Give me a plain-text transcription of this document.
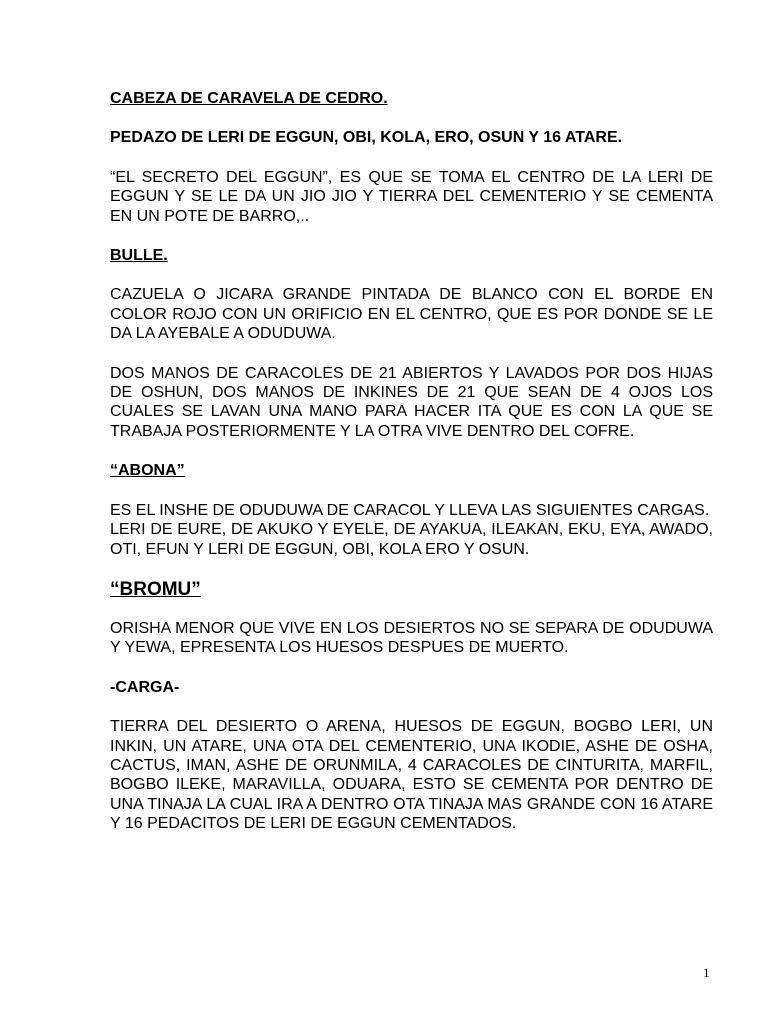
CABEZA DE CARAVELA DE CEDRO.
PEDAZO DE LERI DE EGGUN, OBI, KOLA, ERO, OSUN Y 16 ATARE.
“EL SECRETO DEL EGGUN”, ES QUE SE TOMA EL CENTRO DE LA LERI DE EGGUN Y SE LE DA UN JIO JIO Y TIERRA DEL CEMENTERIO Y SE CEMENTA EN UN POTE DE BARRO,..
BULLE.
CAZUELA O JICARA GRANDE PINTADA DE BLANCO CON EL BORDE EN COLOR ROJO CON UN ORIFICIO EN EL CENTRO, QUE ES POR DONDE SE LE DA LA AYEBALE A ODUDUWA.
DOS MANOS DE CARACOLES DE 21 ABIERTOS Y LAVADOS POR DOS HIJAS DE OSHUN, DOS MANOS DE INKINES DE 21 QUE SEAN DE 4 OJOS LOS CUALES SE LAVAN UNA MANO PARA HACER ITA QUE ES CON LA QUE SE TRABAJA POSTERIORMENTE Y LA OTRA VIVE DENTRO DEL COFRE.
“ABONA”
ES EL INSHE DE ODUDUWA DE CARACOL Y LLEVA LAS SIGUIENTES CARGAS.
LERI DE EURE, DE AKUKO Y EYELE, DE AYAKUA, ILEAKAN, EKU, EYA, AWADO, OTI, EFUN Y LERI DE EGGUN, OBI, KOLA ERO Y OSUN.
“BROMU”
ORISHA MENOR QUE VIVE EN LOS DESIERTOS NO SE SEPARA DE ODUDUWA Y YEWA, EPRESENTA LOS HUESOS DESPUES DE MUERTO.
-CARGA-
TIERRA DEL DESIERTO O ARENA, HUESOS DE EGGUN, BOGBO LERI, UN INKIN, UN ATARE, UNA OTA DEL CEMENTERIO, UNA IKODIE, ASHE DE OSHA, CACTUS, IMAN, ASHE DE ORUNMILA, 4 CARACOLES DE CINTURITA, MARFIL, BOGBO ILEKE, MARAVILLA, ODUARA, ESTO SE CEMENTA POR DENTRO DE UNA TINAJA LA CUAL IRA A DENTRO OTA TINAJA MAS GRANDE CON 16 ATARE Y 16 PEDACITOS DE LERI DE EGGUN CEMENTADOS.
1
